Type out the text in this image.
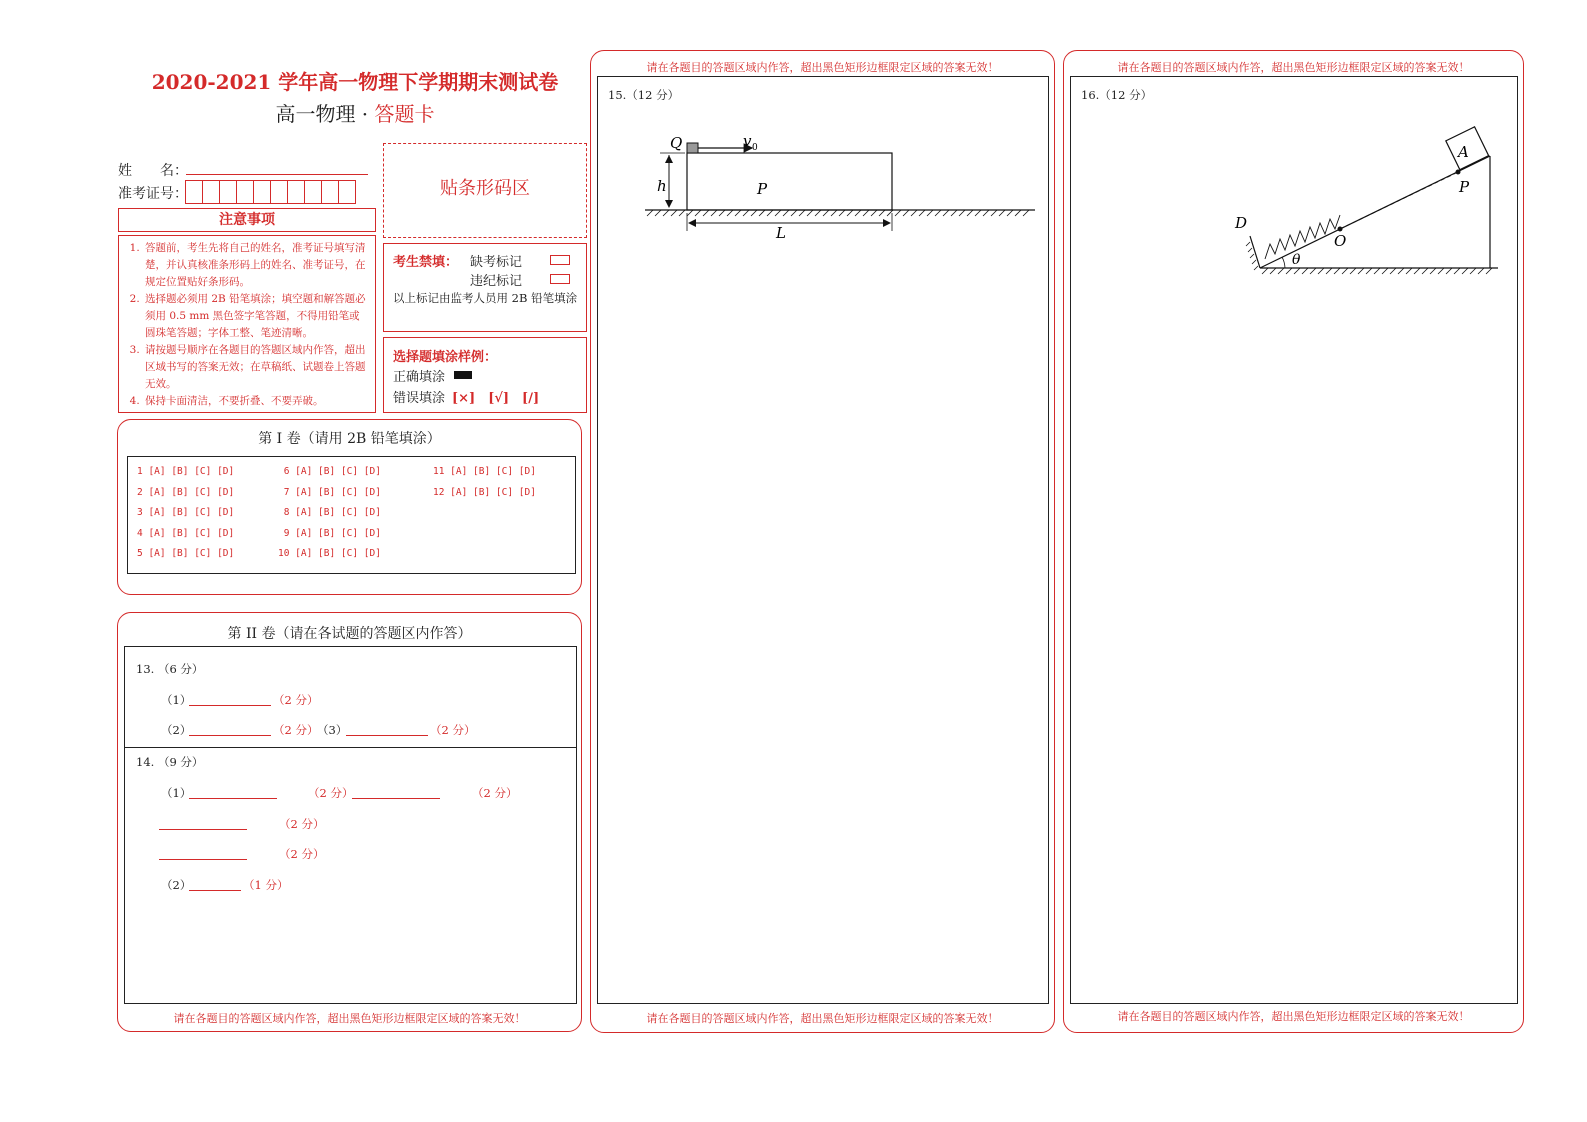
2020-2021 学年高一物理下学期期末测试卷
高一物理 · 答题卡
姓　　名：
准考证号：
注意事项
1. 答题前，考生先将自己的姓名，准考证号填写清楚，并认真核准条形码上的姓名、准考证号，在规定位置贴好条形码。
2. 选择题必须用 2B 铅笔填涂；填空题和解答题必须用 0.5 mm 黑色签字笔答题，不得用铅笔或圆珠笔答题；字体工整、笔迹清晰。
3. 请按题号顺序在各题目的答题区域内作答，超出区域书写的答案无效；在草稿纸、试题卷上答题无效。
4. 保持卡面清洁，不要折叠、不要弄破。
贴条形码区
考生禁填： 缺考标记
违纪标记
以上标记由监考人员用 2B 铅笔填涂
选择题填涂样例：
正确填涂
错误填涂 [×]　[√]　[/]
第 I 卷（请用 2B 铅笔填涂）
1 [A] [B] [C] [D]
2 [A] [B] [C] [D]
3 [A] [B] [C] [D]
4 [A] [B] [C] [D]
5 [A] [B] [C] [D]
6 [A] [B] [C] [D]
7 [A] [B] [C] [D]
8 [A] [B] [C] [D]
9 [A] [B] [C] [D]
10 [A] [B] [C] [D]
11 [A] [B] [C] [D]
12 [A] [B] [C] [D]
第 II 卷（请在各试题的答题区内作答）
13. （6 分）
（1）	（2 分）
（2）	（2 分）
（3）	（2 分）
14. （9 分）
（1）	（2 分）	（2 分）
（2 分）
（2 分）
（2）	（1 分）
请在各题目的答题区域内作答，超出黑色矩形边框限定区域的答案无效！
请在各题目的答题区域内作答，超出黑色矩形边框限定区域的答案无效！
15.（12 分）
Q	v 0
h	P
L
请在各题目的答题区域内作答，超出黑色矩形边框限定区域的答案无效！
请在各题目的答题区域内作答，超出黑色矩形边框限定区域的答案无效！
16.（12 分）
A
P
O
D
θ
请在各题目的答题区域内作答，超出黑色矩形边框限定区域的答案无效！
